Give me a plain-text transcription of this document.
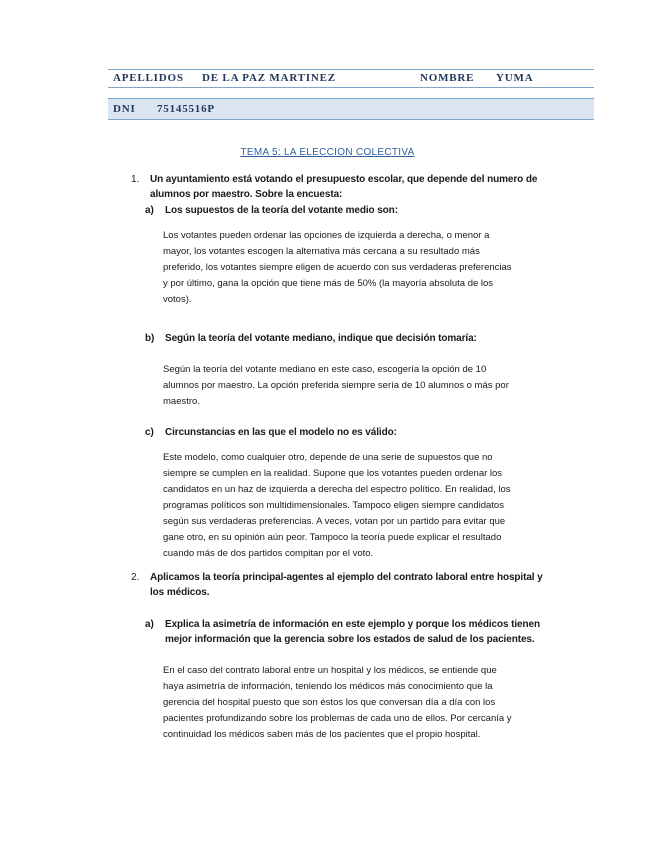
APELLIDOS DE LA PAZ MARTINEZ	NOMBRE YUMA
DNI 75145516P
TEMA 5: LA ELECCION COLECTIVA
1. Un ayuntamiento está votando el presupuesto escolar, que depende del numero de
alumnos por maestro. Sobre la encuesta:
a) Los supuestos de la teoría del votante medio son:
Los votantes pueden ordenar las opciones de izquierda a derecha, o menor a
mayor, los votantes escogen la alternativa más cercana a su resultado más
preferido, los votantes siempre eligen de acuerdo con sus verdaderas preferencias
y por último, gana la opción que tiene más de 50% (la mayoría absoluta de los
votos).
b) Según la teoría del votante mediano, indique que decisión tomaría:
Según la teoría del votante mediano en este caso, escogería la opción de 10
alumnos por maestro. La opción preferida siempre sería de 10 alumnos o más por
maestro.
c) Circunstancias en las que el modelo no es válido:
Este modelo, como cualquier otro, depende de una serie de supuestos que no
siempre se cumplen en la realidad. Supone que los votantes pueden ordenar los
candidatos en un haz de izquierda a derecha del espectro político. En realidad, los
programas políticos son multidimensionales. Tampoco eligen siempre candidatos
según sus verdaderas preferencias. A veces, votan por un partido para evitar que
gane otro, en su opinión aún peor. Tampoco la teoría puede explicar el resultado
cuando más de dos partidos compitan por el voto.
2. Aplicamos la teoría principal-agentes al ejemplo del contrato laboral entre hospital y
los médicos.
a) Explica la asimetría de información en este ejemplo y porque los médicos tienen
mejor información que la gerencia sobre los estados de salud de los pacientes.
En el caso del contrato laboral entre un hospital y los médicos, se entiende que
haya asimetría de información, teniendo los médicos más conocimiento que la
gerencia del hospital puesto que son éstos los que conversan día a día con los
pacientes profundizando sobre los problemas de cada uno de ellos. Por cercanía y
continuidad los médicos saben más de los pacientes que el propio hospital.
